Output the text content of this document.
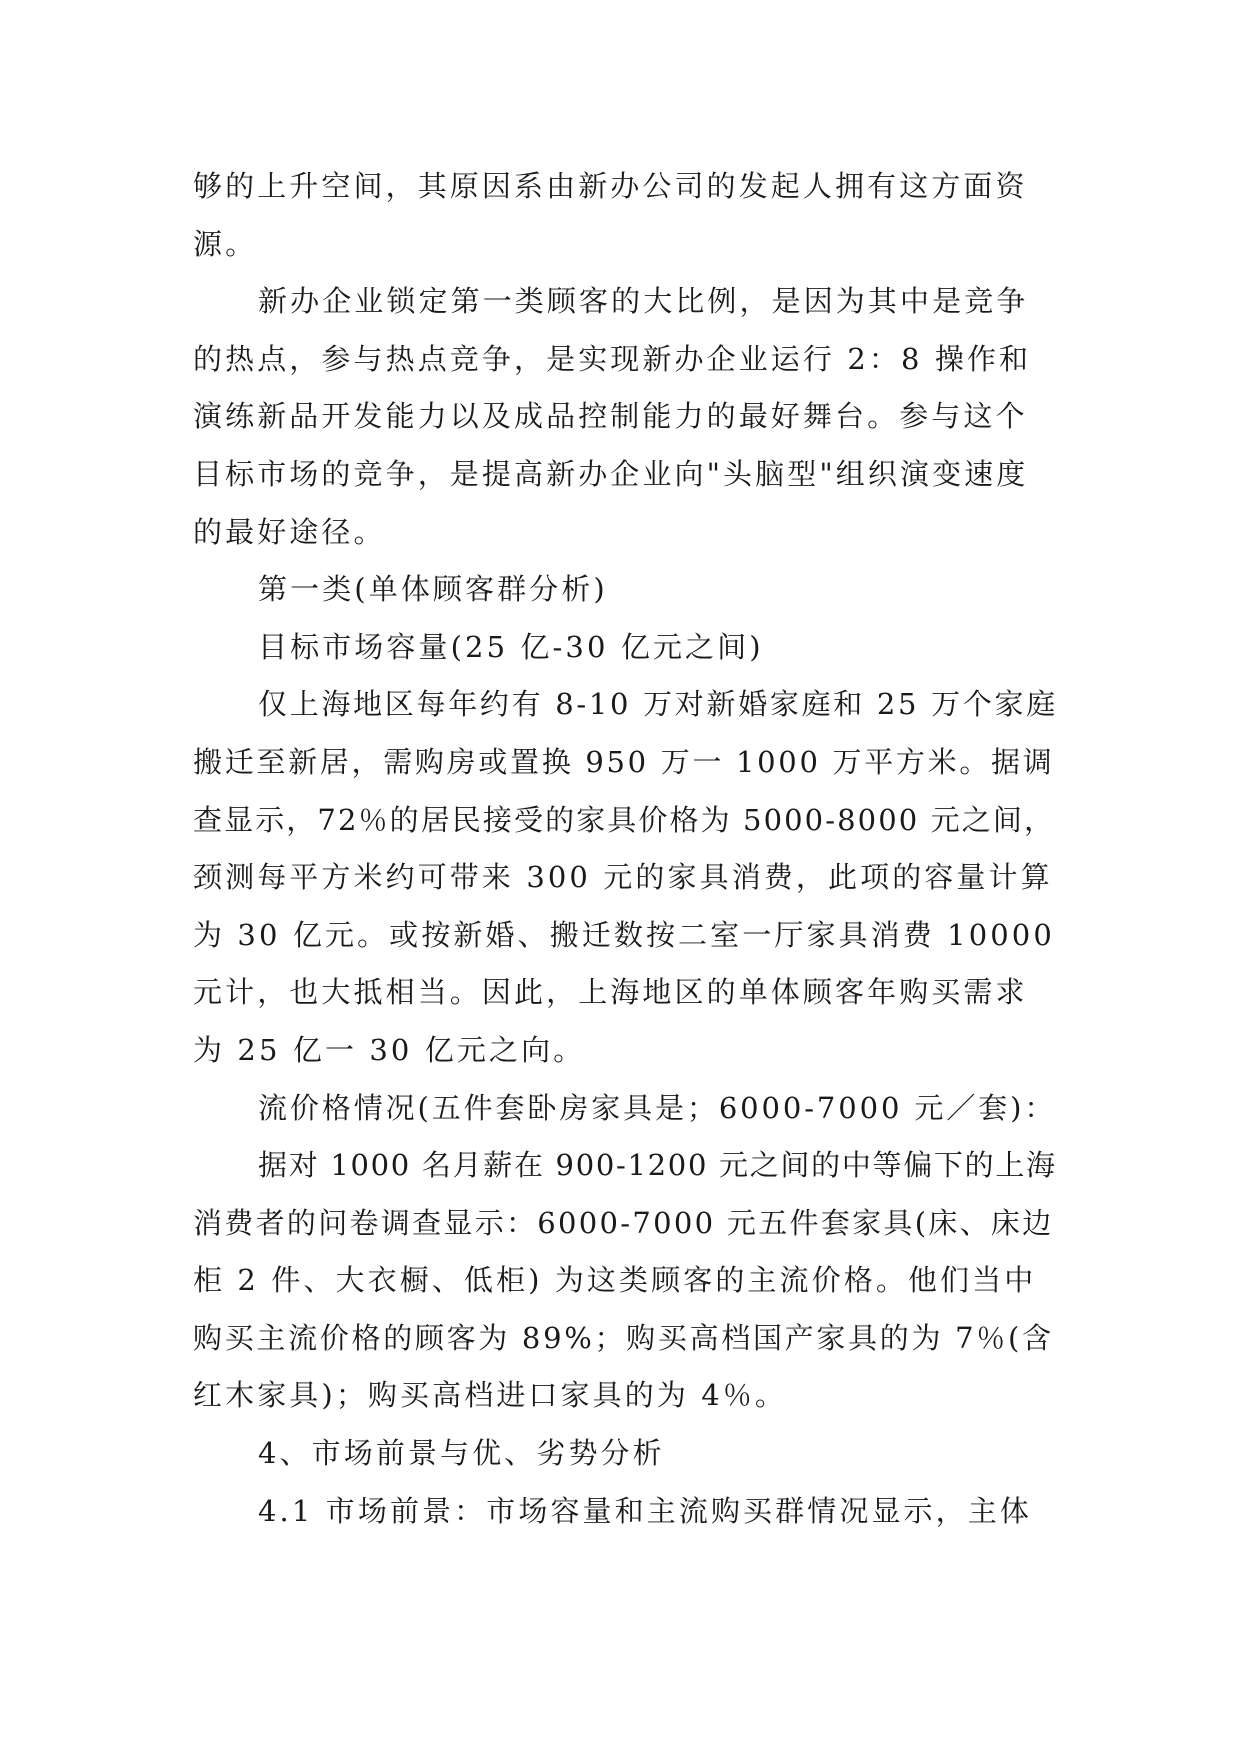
够的上升空间，其原因系由新办公司的发起人拥有这方面资
源。
新办企业锁定第一类顾客的大比例，是因为其中是竞争
的热点，参与热点竞争，是实现新办企业运行 2：8 操作和
演练新品开发能力以及成品控制能力的最好舞台。参与这个
目标市场的竞争，是提高新办企业向"头脑型"组织演变速度
的最好途径。
第一类(单体顾客群分析)
目标市场容量(25 亿-30 亿元之间)
仅上海地区每年约有 8-10 万对新婚家庭和 25 万个家庭
搬迁至新居，需购房或置换 950 万一 1000 万平方米。据调
查显示，72％的居民接受的家具价格为 5000-8000 元之间，
颈测每平方米约可带来 300 元的家具消费，此项的容量计算
为 30 亿元。或按新婚、搬迁数按二室一厅家具消费 10000
元计，也大抵相当。因此，上海地区的单体顾客年购买需求
为 25 亿一 30 亿元之向。
流价格情况(五件套卧房家具是；6000-7000 元／套)：
据对 1000 名月薪在 900-1200 元之间的中等偏下的上海
消费者的问卷调查显示：6000-7000 元五件套家具(床、床边
柜 2 件、大衣橱、低柜) 为这类顾客的主流价格。他们当中
购买主流价格的顾客为 89%；购买高档国产家具的为 7％(含
红木家具)；购买高档进口家具的为 4％。
4、市场前景与优、劣势分析
4.1 市场前景：市场容量和主流购买群情况显示，主体
